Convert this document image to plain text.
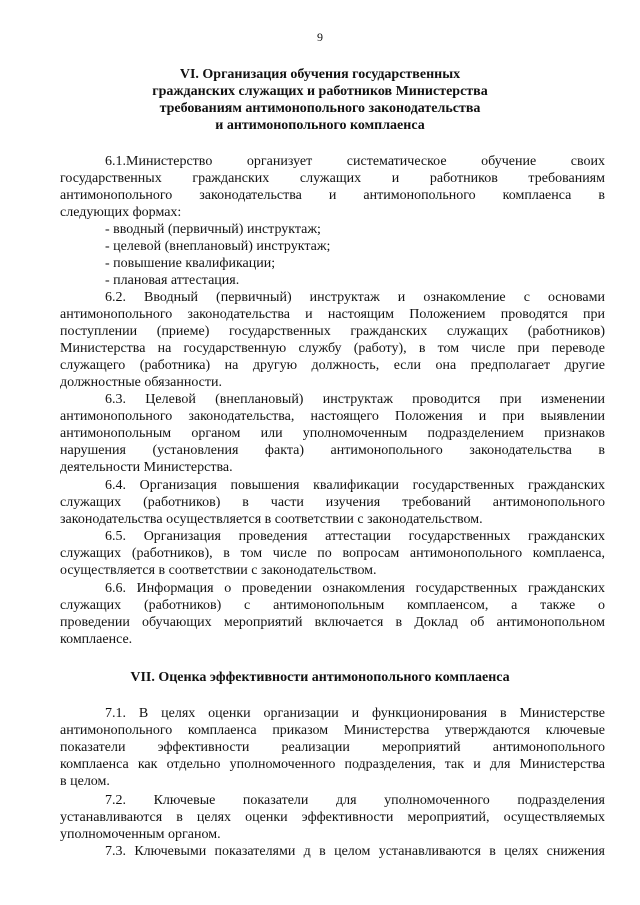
9
VI. Организация обучения государственных
гражданских служащих и работников Министерства
требованиям антимонопольного законодательства
и антимонопольного комплаенса
6.1.Министерство организует систематическое обучение своих
государственных гражданских служащих и работников требованиям
антимонопольного законодательства и антимонопольного комплаенса в
следующих формах:
- вводный (первичный) инструктаж;
- целевой (внеплановый) инструктаж;
- повышение квалификации;
- плановая аттестация.
6.2. Вводный (первичный) инструктаж и ознакомление с основами
антимонопольного законодательства и настоящим Положением проводятся при
поступлении (приеме) государственных гражданских служащих (работников)
Министерства на государственную службу (работу), в том числе при переводе
служащего (работника) на другую должность, если она предполагает другие
должностные обязанности.
6.3. Целевой (внеплановый) инструктаж проводится при изменении
антимонопольного законодательства, настоящего Положения и при выявлении
антимонопольным органом или уполномоченным подразделением признаков
нарушения (установления факта) антимонопольного законодательства в
деятельности Министерства.
6.4. Организация повышения квалификации государственных гражданских
служащих (работников) в части изучения требований антимонопольного
законодательства осуществляется в соответствии с законодательством.
6.5. Организация проведения аттестации государственных гражданских
служащих (работников), в том числе по вопросам антимонопольного комплаенса,
осуществляется в соответствии с законодательством.
6.6. Информация о проведении ознакомления государственных гражданских
служащих (работников) с антимонопольным комплаенсом, а также о
проведении обучающих мероприятий включается в Доклад об антимонопольном
комплаенсе.
VII. Оценка эффективности антимонопольного комплаенса
7.1. В целях оценки организации и функционирования в Министерстве
антимонопольного комплаенса приказом Министерства утверждаются ключевые
показатели эффективности реализации мероприятий антимонопольного
комплаенса как отдельно уполномоченного подразделения, так и для Министерства
в целом.
7.2. Ключевые показатели для уполномоченного подразделения
устанавливаются в целях оценки эффективности мероприятий, осуществляемых
уполномоченным органом.
7.3. Ключевыми показателями д в целом устанавливаются в целях снижения
